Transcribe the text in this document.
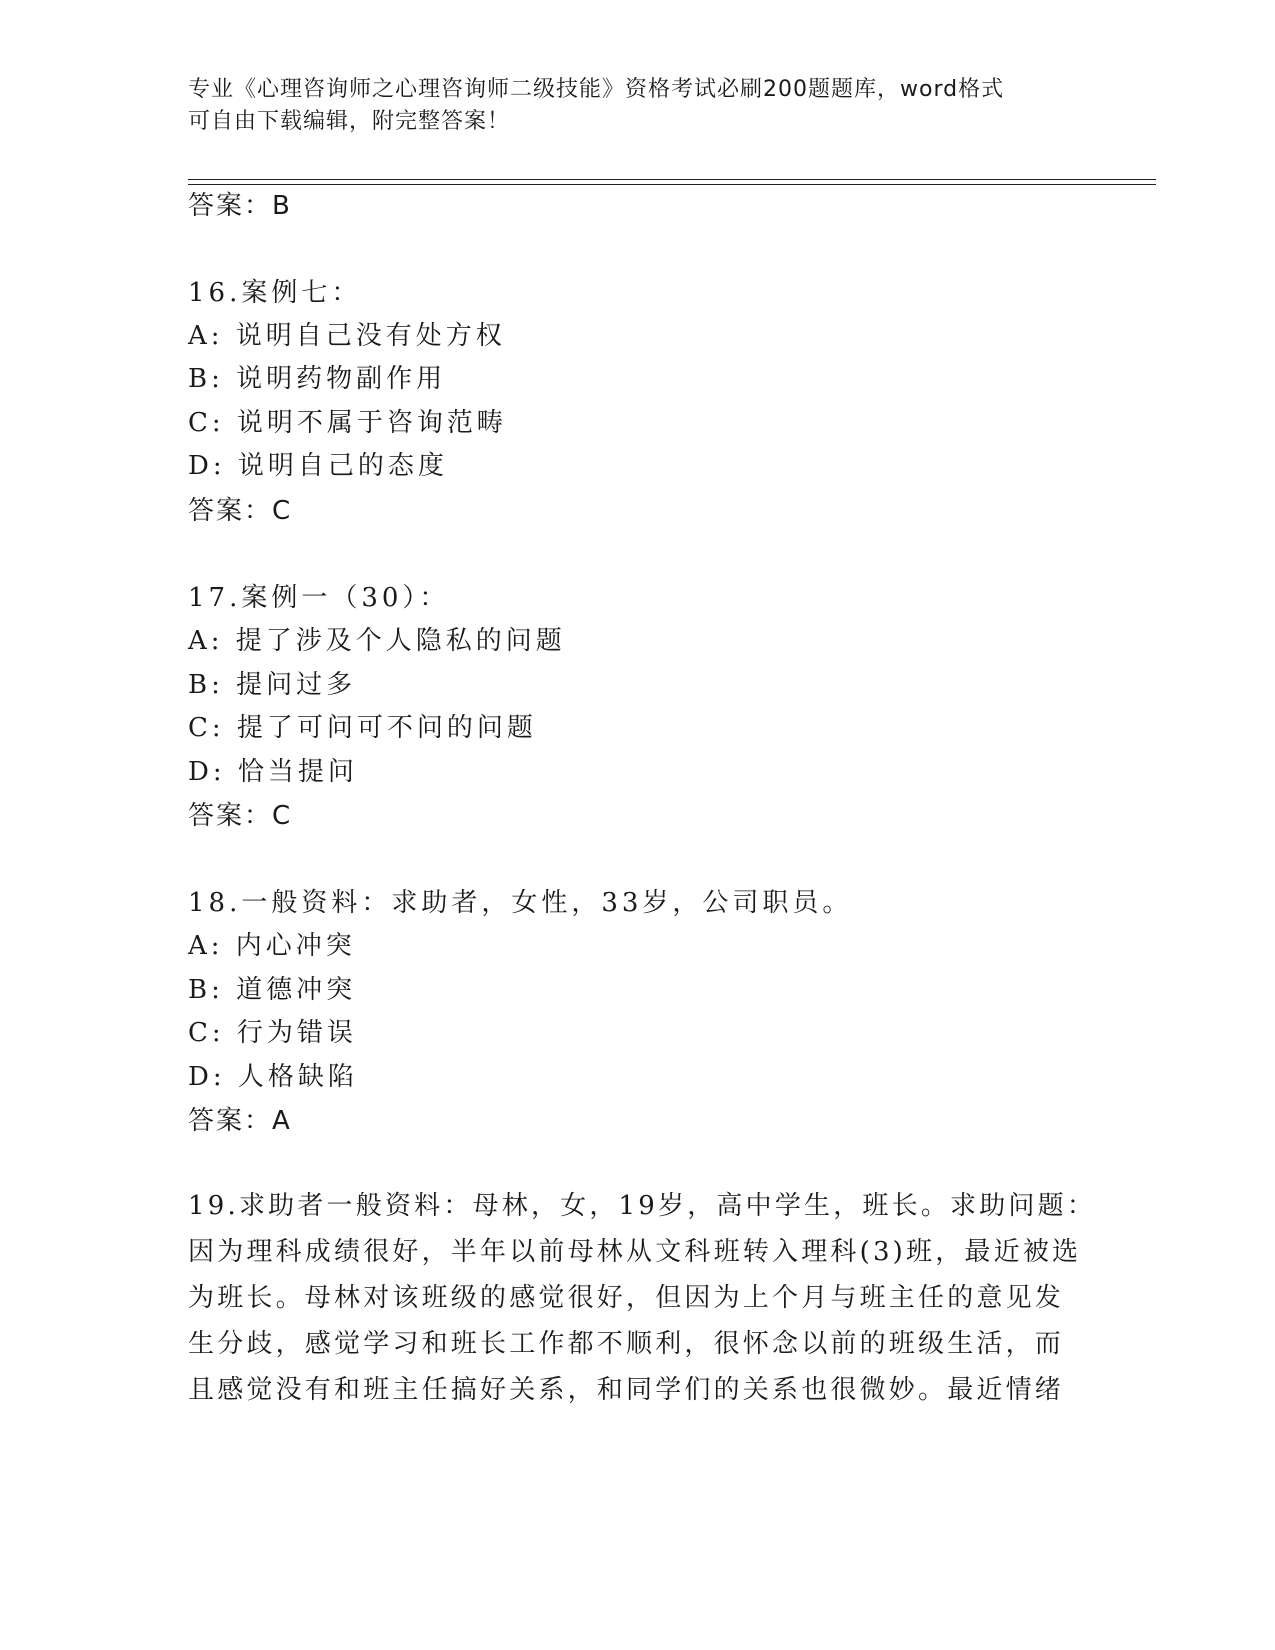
专业《心理咨询师之心理咨询师二级技能》资格考试必刷200题题库，word格式
可自由下载编辑，附完整答案！
答案：B
16.案例七：
A: 说明自己没有处方权
B: 说明药物副作用
C: 说明不属于咨询范畴
D: 说明自己的态度
答案：C
17.案例一（30）：
A: 提了涉及个人隐私的问题
B: 提问过多
C: 提了可问可不问的问题
D: 恰当提问
答案：C
18.一般资料：求助者，女性，33岁，公司职员。
A: 内心冲突
B: 道德冲突
C: 行为错误
D: 人格缺陷
答案：A
19.求助者一般资料：母林，女，19岁，高中学生，班长。求助问题：
因为理科成绩很好，半年以前母林从文科班转入理科(3)班，最近被选
为班长。母林对该班级的感觉很好，但因为上个月与班主任的意见发
生分歧，感觉学习和班长工作都不顺利，很怀念以前的班级生活，而
且感觉没有和班主任搞好关系，和同学们的关系也很微妙。最近情绪
